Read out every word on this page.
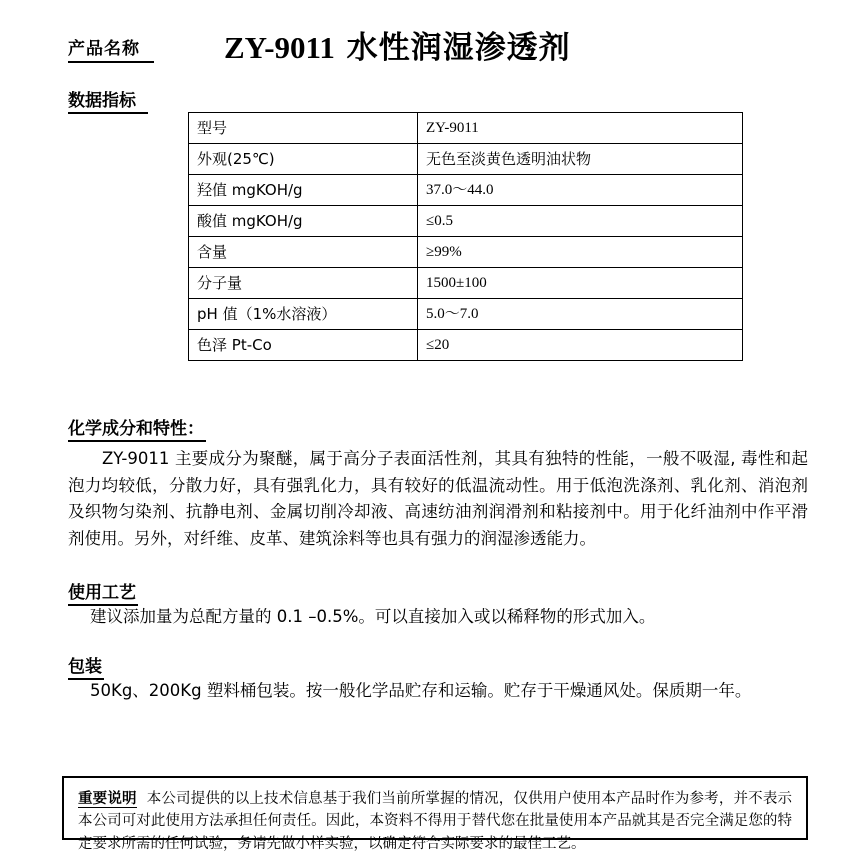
产品名称	ZY-9011 水性润湿渗透剂
数据指标
型号	ZY-9011
外观(25℃)	无色至淡黄色透明油状物
羟值 mgKOH/g	37.0～44.0
酸值 mgKOH/g	≤0.5
含量	≥99%
分子量	1500±100
pH 值（1%水溶液）	5.0～7.0
色泽 Pt-Co	≤20
化学成分和特性：
ZY-9011 主要成分为聚醚，属于高分子表面活性剂，其具有独特的性能，一般不吸湿, 毒性和起泡力均较低，分散力好，具有强乳化力，具有较好的低温流动性。用于低泡洗涤剂、乳化剂、消泡剂及织物匀染剂、抗静电剂、金属切削冷却液、高速纺油剂润滑剂和粘接剂中。用于化纤油剂中作平滑剂使用。另外，对纤维、皮革、建筑涂料等也具有强力的润湿渗透能力。
使用工艺
建议添加量为总配方量的 0.1 –0.5%。可以直接加入或以稀释物的形式加入。
包装
50Kg、200Kg 塑料桶包装。按一般化学品贮存和运输。贮存于干燥通风处。保质期一年。
重要说明 本公司提供的以上技术信息基于我们当前所掌握的情况，仅供用户使用本产品时作为参考，并不表示本公司可对此使用方法承担任何责任。因此，本资料不得用于替代您在批量使用本产品就其是否完全满足您的特定要求所需的任何试验，务请先做小样实验，以确定符合实际要求的最佳工艺。
